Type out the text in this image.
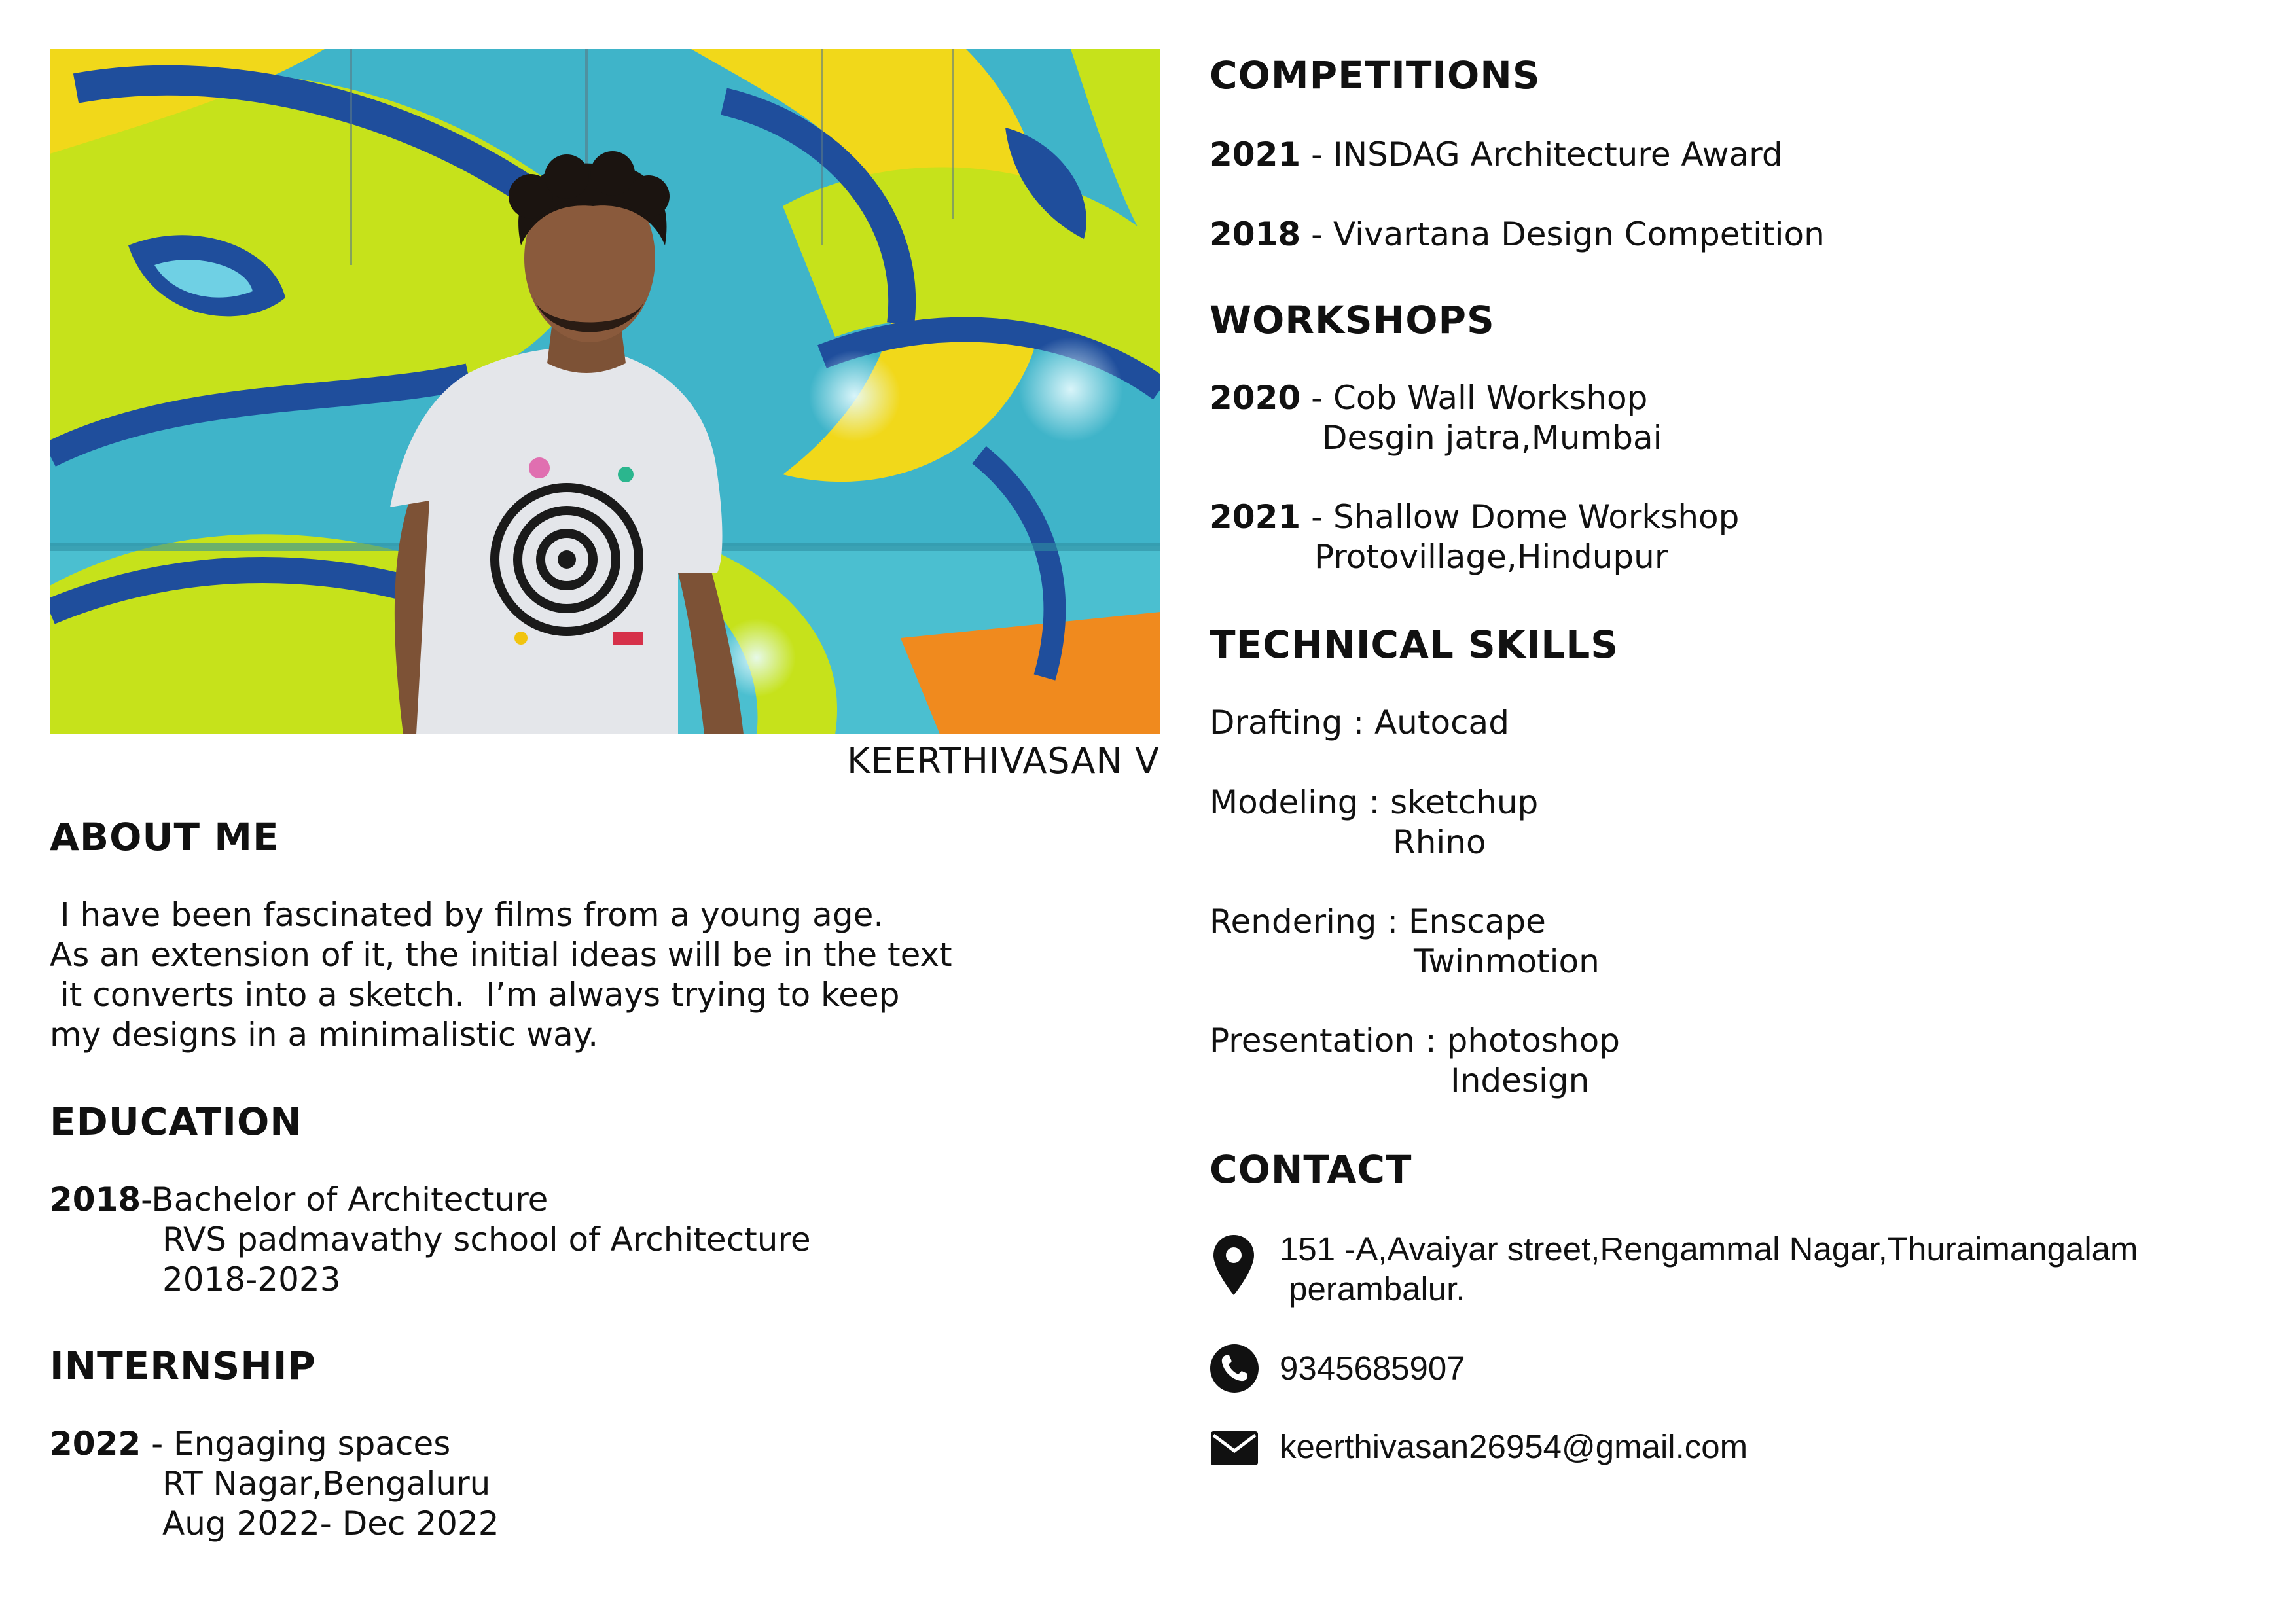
KEERTHIVASAN V
ABOUT ME
I have been fascinated by films from a young age.
As an extension of it, the initial ideas will be in the text
it converts into a sketch.  I’m always trying to keep
my designs in a minimalistic way.
EDUCATION
2018-Bachelor of Architecture
RVS padmavathy school of Architecture
2018-2023
INTERNSHIP
2022 - Engaging spaces
RT Nagar,Bengaluru
Aug 2022- Dec 2022
COMPETITIONS
2021 - INSDAG Architecture Award
2018 - Vivartana Design Competition
WORKSHOPS
2020 - Cob Wall Workshop
Desgin jatra,Mumbai
2021 - Shallow Dome Workshop
Protovillage,Hindupur
TECHNICAL SKILLS
Drafting : Autocad
Modeling : sketchup
Rhino
Rendering : Enscape
Twinmotion
Presentation : photoshop
Indesign
CONTACT
151 -A,Avaiyar street,Rengammal Nagar,Thuraimangalam
perambalur.
9345685907
keerthivasan26954@gmail.com
